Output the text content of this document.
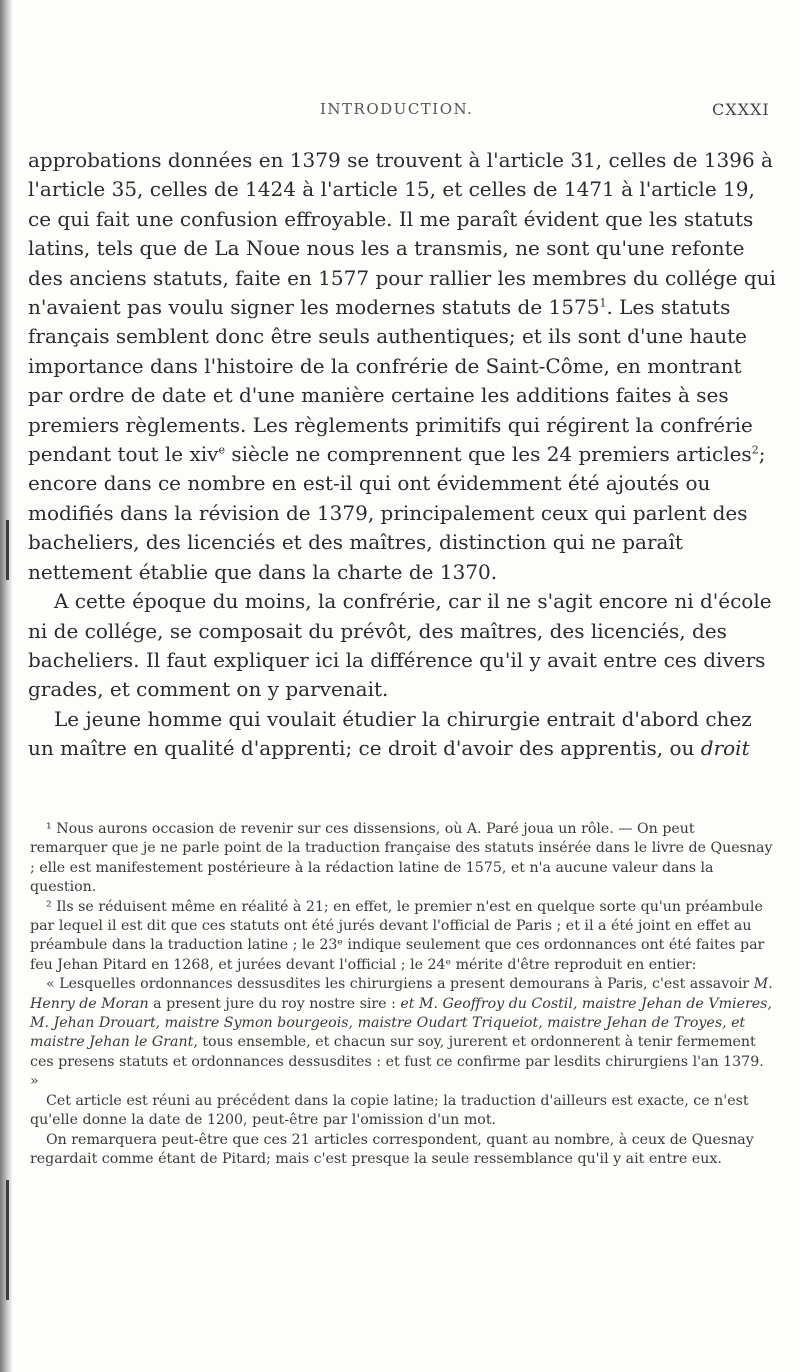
INTRODUCTION.	CXXXI

approbations données en 1379 se trouvent à l'article 31, celles de 1396 à l'article 35, celles de 1424 à l'article 15, et celles de 1471 à l'article 19, ce qui fait une confusion effroyable. Il me paraît évident que les statuts latins, tels que de La Noue nous les a transmis, ne sont qu'une refonte des anciens statuts, faite en 1577 pour rallier les membres du collége qui n'avaient pas voulu signer les modernes statuts de 1575$^1$. Les statuts français semblent donc être seuls authentiques; et ils sont d'une haute importance dans l'histoire de la confrérie de Saint-Côme, en montrant par ordre de date et d'une manière certaine les additions faites à ses premiers règlements. Les règlements primitifs qui régirent la confrérie pendant tout le xiv$^e$ siècle ne comprennent que les 24 premiers articles$^2$; encore dans ce nombre en est-il qui ont évidemment été ajoutés ou modifiés dans la révision de 1379, principalement ceux qui parlent des bacheliers, des licenciés et des maîtres, distinction qui ne paraît nettement établie que dans la charte de 1370.

A cette époque du moins, la confrérie, car il ne s'agit encore ni d'école ni de collége, se composait du prévôt, des maîtres, des licenciés, des bacheliers. Il faut expliquer ici la différence qu'il y avait entre ces divers grades, et comment on y parvenait.

Le jeune homme qui voulait étudier la chirurgie entrait d'abord chez un maître en qualité d'apprenti; ce droit d'avoir des apprentis, ou droit

¹ Nous aurons occasion de revenir sur ces dissensions, où A. Paré joua un rôle. — On peut remarquer que je ne parle point de la traduction française des statuts insérée dans le livre de Quesnay ; elle est manifestement postérieure à la rédaction latine de 1575, et n'a aucune valeur dans la question.

² Ils se réduisent même en réalité à 21; en effet, le premier n'est en quelque sorte qu'un préambule par lequel il est dit que ces statuts ont été jurés devant l'official de Paris ; et il a été joint en effet au préambule dans la traduction latine ; le 23ᵉ indique seulement que ces ordonnances ont été faites par feu Jehan Pitard en 1268, et jurées devant l'official ; le 24ᵉ mérite d'être reproduit en entier:

« Lesquelles ordonnances dessusdites les chirurgiens a present demourans à Paris, c'est assavoir M. Henry de Moran a present jure du roy nostre sire : et M. Geoffroy du Costil, maistre Jehan de Vmieres, M. Jehan Drouart, maistre Symon bourgeois, maistre Oudart Triqueiot, maistre Jehan de Troyes, et maistre Jehan le Grant, tous ensemble, et chacun sur soy, jurerent et ordonnerent à tenir fermement ces presens statuts et ordonnances dessusdites : et fust ce confirme par lesdits chirurgiens l'an 1379. »

Cet article est réuni au précédent dans la copie latine; la traduction d'ailleurs est exacte, ce n'est qu'elle donne la date de 1200, peut-être par l'omission d'un mot.

On remarquera peut-être que ces 21 articles correspondent, quant au nombre, à ceux de Quesnay regardait comme étant de Pitard; mais c'est presque la seule ressemblance qu'il y ait entre eux.
